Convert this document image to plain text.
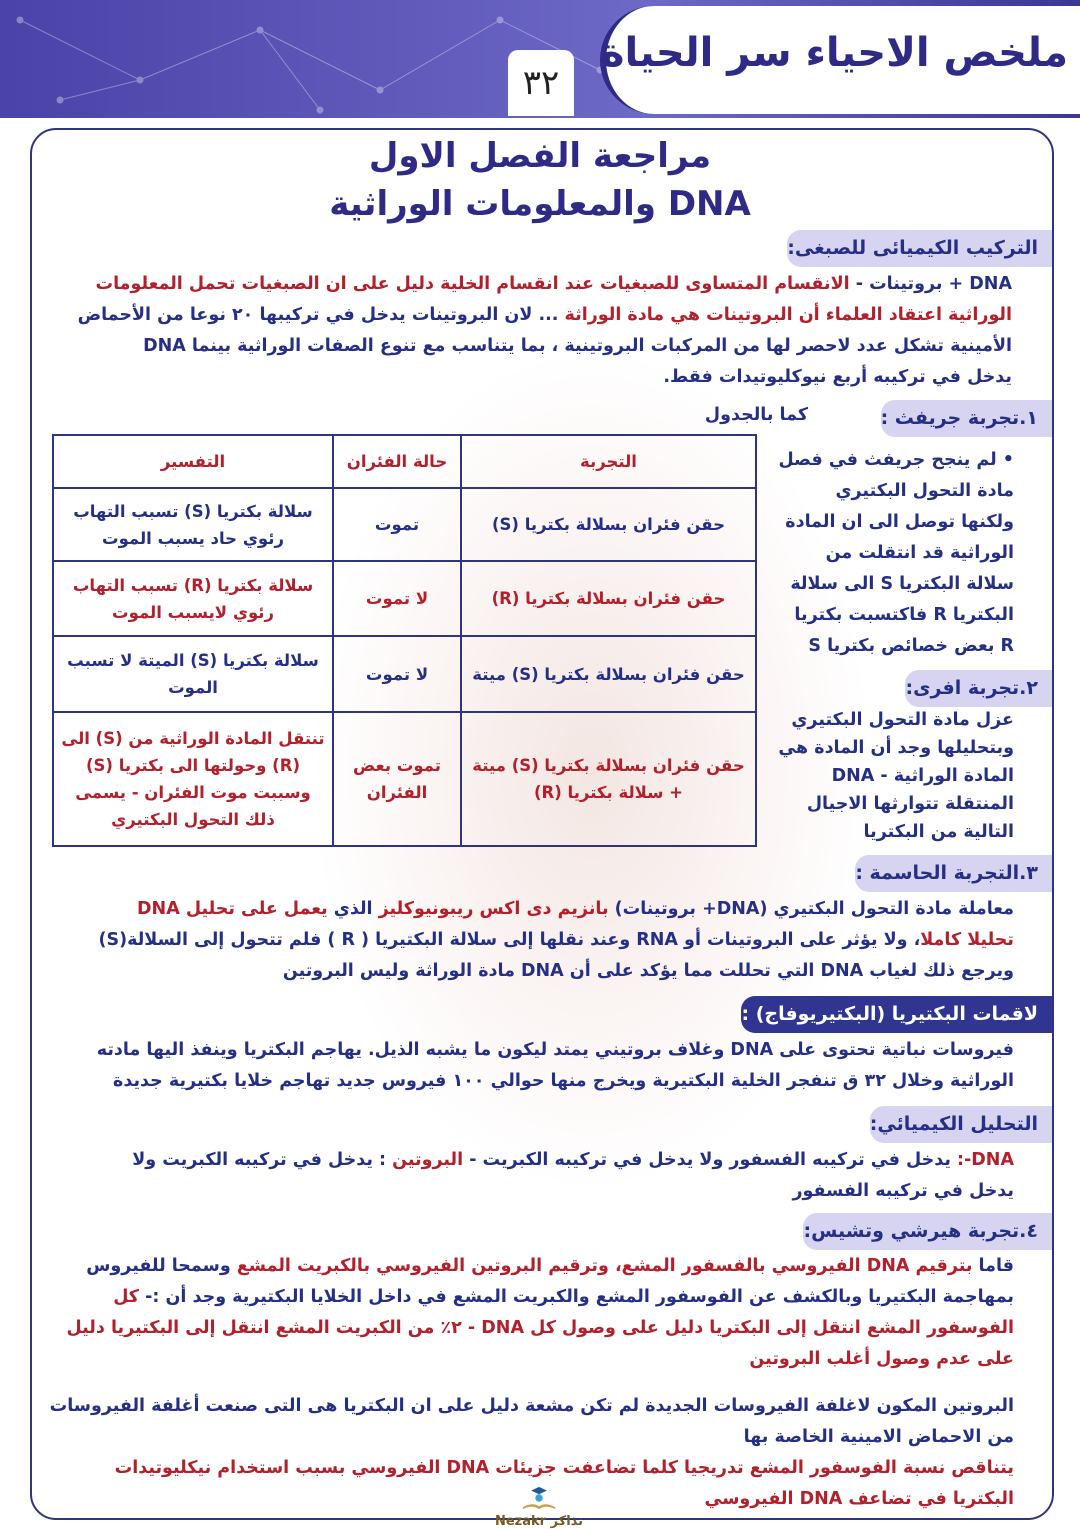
ملخص الاحياء سر الحياة
٣٢
مراجعة الفصل الاول
DNA والمعلومات الوراثية
التركيب الكيميائى للصبغى:
DNA + بروتينات - الانقسام المتساوى للصبغيات عند انقسام الخلية دليل على ان الصبغيات تحمل المعلومات
الوراثية اعتقاد العلماء أن البروتينات هي مادة الوراثة ... لان البروتينات يدخل في تركيبها ٢٠ نوعا من الأحماض
الأمينية تشكل عدد لاحصر لها من المركبات البروتينية ، بما يتناسب مع تنوع الصفات الوراثية بينما DNA
يدخل في تركيبه أربع نيوكليوتيدات فقط.
١.تجربة جريفث :
• لم ينجح جريفث في فصل
مادة التحول البكتيري
ولكنها توصل الى ان المادة
الوراثية قد انتقلت من
سلالة البكتريا S الى سلالة
البكتريا R فاكتسبت بكتريا
R بعض خصائص بكتريا S
٢.تجربة افرى:
عزل مادة التحول البكتيري
وبتحليلها وجد أن المادة هي
المادة الوراثية - DNA
المنتقلة تتوارثها الاجيال
التالية من البكتريا
٣.التجربة الحاسمة :
معاملة مادة التحول البكتيري (DNA+ بروتينات) بانزيم دى اكس ريبونيوكليز الذي يعمل على تحليل DNA
تحليلا كاملا، ولا يؤثر على البروتينات أو RNA وعند نقلها إلى سلالة البكتيريا ( R ) فلم تتحول إلى السلالة(S)
ويرجع ذلك لغياب DNA التي تحللت مما يؤكد على أن DNA مادة الوراثة وليس البروتين
لاقمات البكتيريا (البكتيريوفاج) :
فيروسات نباتية تحتوى على DNA وغلاف بروتيني يمتد ليكون ما يشبه الذيل. يهاجم البكتريا وينفذ اليها مادته
الوراثية وخلال ٣٢ ق تنفجر الخلية البكتيرية ويخرج منها حوالي ١٠٠ فيروس جديد تهاجم خلايا بكتيرية جديدة
التحليل الكيميائي:
DNA-: يدخل في تركيبه الفسفور ولا يدخل في تركيبه الكبريت - البروتين : يدخل في تركيبه الكبريت ولا
يدخل في تركيبه الفسفور
٤.تجربة هيرشي وتشيس:
قاما بترقيم DNA الفيروسي بالفسفور المشع، وترقيم البروتين الفيروسي بالكبريت المشع وسمحا للفيروس
بمهاجمة البكتيريا وبالكشف عن الفوسفور المشع والكبريت المشع في داخل الخلايا البكتيرية وجد أن :- كل
الفوسفور المشع انتقل إلى البكتريا دليل على وصول كل DNA - ٢٪ من الكبريت المشع انتقل إلى البكتيريا دليل
على عدم وصول أغلب البروتين
البروتين المكون لاغلفة الفيروسات الجديدة لم تكن مشعة دليل على ان البكتريا هى التى صنعت أغلفة الفيروسات
من الاحماض الامينية الخاصة بها
يتناقص نسبة الفوسفور المشع تدريجيا كلما تضاعفت جزيئات DNA الفيروسي بسبب استخدام نيكليوتيدات
البكتريا في تضاعف DNA الفيروسي
كما بالجدول
التجربة	حالة الفئران	التفسير
حقن فئران بسلالة بكتريا (S)	تموت	سلالة بكتريا (S) تسبب التهاب رئوي حاد يسبب الموت
حقن فئران بسلالة بكتريا (R)	لا تموت	سلالة بكتريا (R) تسبب التهاب رئوي لايسبب الموت
حقن فئران بسلالة بكتريا (S) ميتة	لا تموت	سلالة بكتريا (S) الميتة لا تسبب الموت
حقن فئران بسلالة بكتريا (S) ميتة + سلالة بكتريا (R)	تموت بعض الفئران	تنتقل المادة الوراثية من (S) الى (R) وحولتها الى بكتريا (S) وسببت موت الفئران - يسمى ذلك التحول البكتيري
Nezakr نذاكر
